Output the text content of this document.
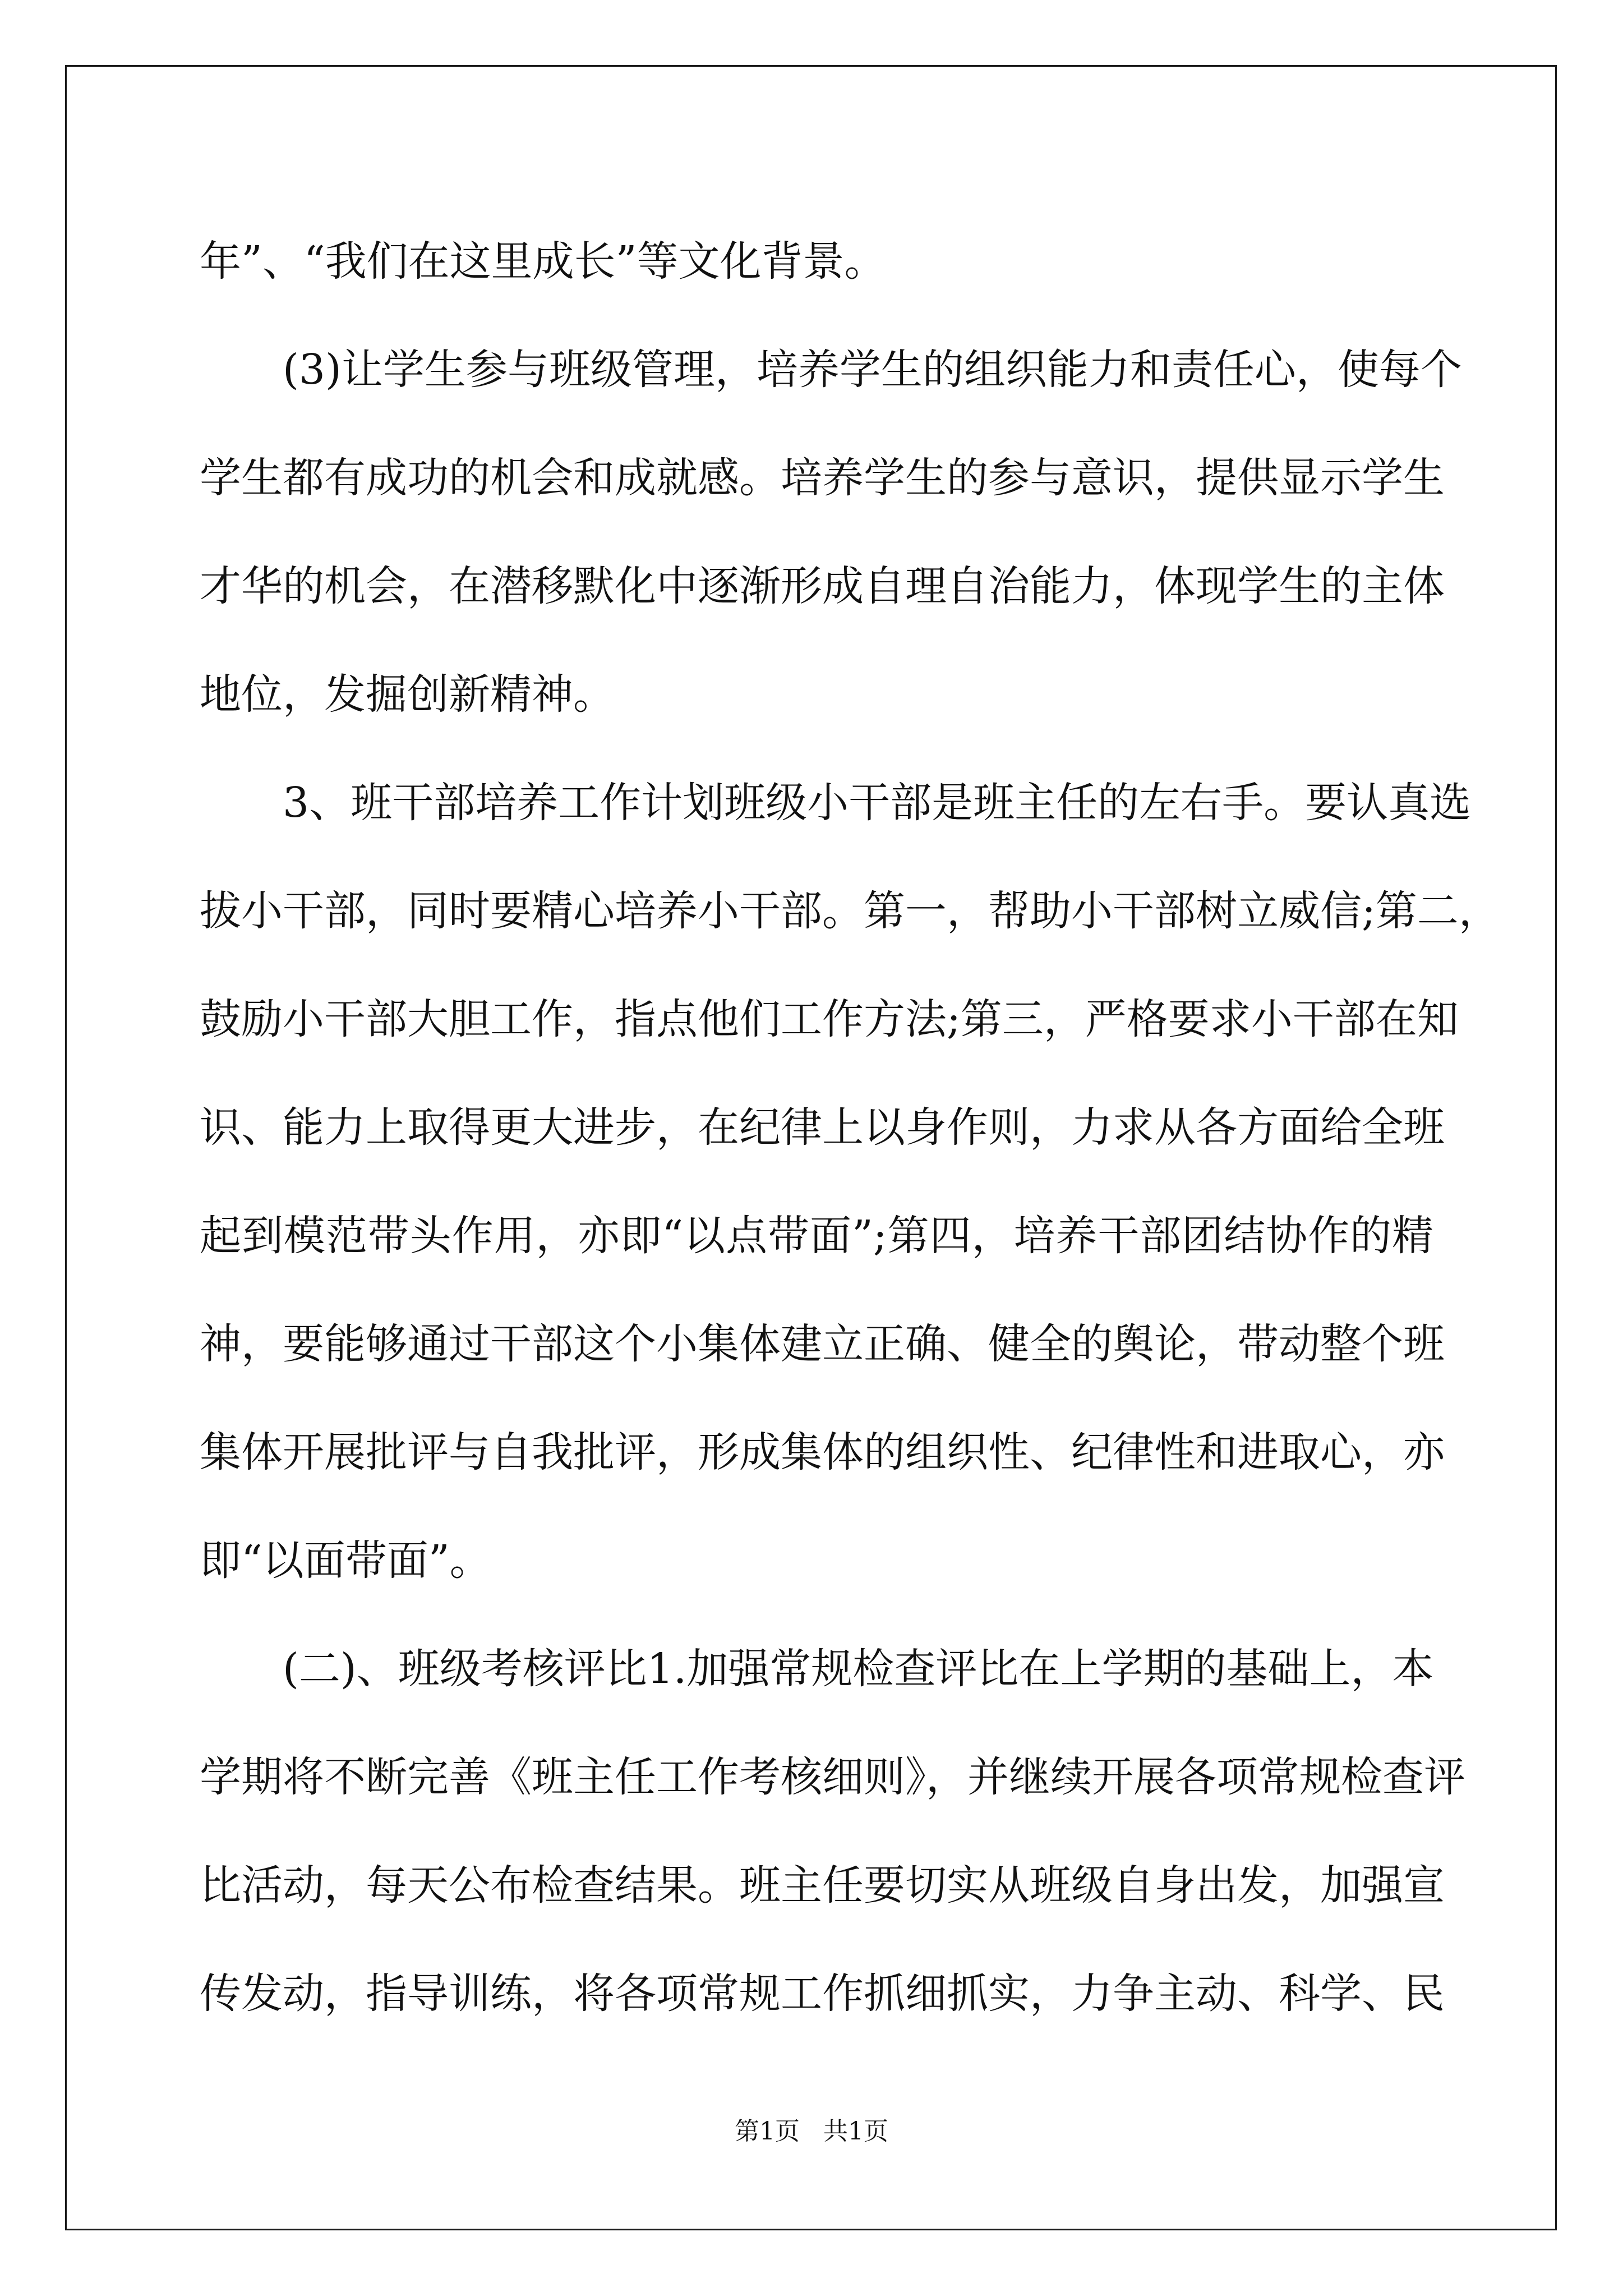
年”、“我们在这里成长”等文化背景。
(3)让学生参与班级管理，培养学生的组织能力和责任心，使每个
学生都有成功的机会和成就感。培养学生的参与意识，提供显示学生
才华的机会，在潜移默化中逐渐形成自理自治能力，体现学生的主体
地位，发掘创新精神。
3、班干部培养工作计划班级小干部是班主任的左右手。要认真选
拔小干部，同时要精心培养小干部。第一，帮助小干部树立威信;第二，
鼓励小干部大胆工作，指点他们工作方法;第三，严格要求小干部在知
识、能力上取得更大进步，在纪律上以身作则，力求从各方面给全班
起到模范带头作用，亦即“以点带面”;第四，培养干部团结协作的精
神，要能够通过干部这个小集体建立正确、健全的舆论，带动整个班
集体开展批评与自我批评，形成集体的组织性、纪律性和进取心，亦
即“以面带面”。
(二)、班级考核评比1.加强常规检查评比在上学期的基础上，本
学期将不断完善《班主任工作考核细则》，并继续开展各项常规检查评
比活动，每天公布检查结果。班主任要切实从班级自身出发，加强宣
传发动，指导训练，将各项常规工作抓细抓实，力争主动、科学、民
第1页 共1页
